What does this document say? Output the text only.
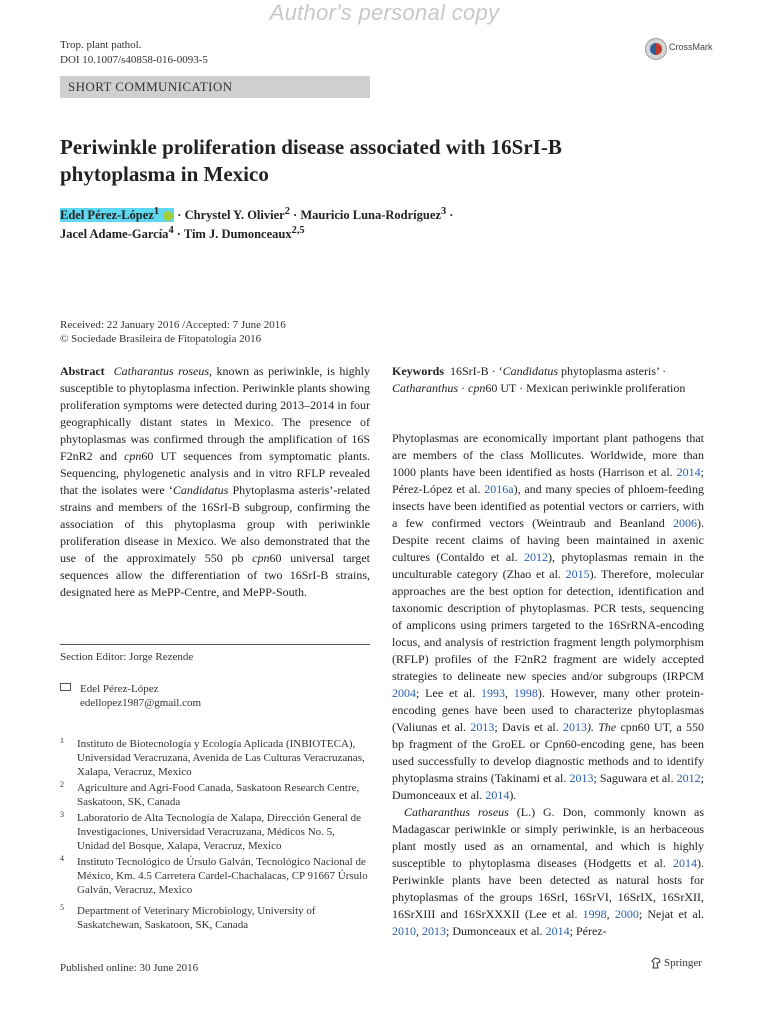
Author's personal copy
Trop. plant pathol.
DOI 10.1007/s40858-016-0093-5
CrossMark
SHORT COMMUNICATION
Periwinkle proliferation disease associated with 16SrI-B phytoplasma in Mexico
Edel Pérez-López$^1$  · Chrystel Y. Olivier$^2$ · Mauricio Luna-Rodríguez$^3$ ·
Jacel Adame-García$^4$ · Tim J. Dumonceaux$^{2,5}$
Received: 22 January 2016 /Accepted: 7 June 2016
© Sociedade Brasileira de Fitopatologia 2016
Abstract Catharantus roseus, known as periwinkle, is highly susceptible to phytoplasma infection. Periwinkle plants showing proliferation symptoms were detected during 2013–2014 in four geographically distant states in Mexico. The presence of phytoplasmas was confirmed through the amplification of 16S F2nR2 and cpn60 UT sequences from symptomatic plants. Sequencing, phylogenetic analysis and in vitro RFLP revealed that the isolates were ‘Candidatus Phytoplasma asteris’-related strains and members of the 16SrI-B subgroup, confirming the association of this phytoplasma group with periwinkle proliferation disease in Mexico. We also demonstrated that the use of the approximately 550 pb cpn60 universal target sequences allow the differentiation of two 16SrI-B strains, designated here as MePP-Centre, and MePP-South.
Keywords 16SrI-B · ‘Candidatus phytoplasma asteris’ · Catharanthus · cpn60 UT · Mexican periwinkle proliferation

Phytoplasmas are economically important plant pathogens that are members of the class Mollicutes. Worldwide, more than 1000 plants have been identified as hosts (Harrison et al. 2014; Pérez-López et al. 2016a), and many species of phloem-feeding insects have been identified as potential vectors or carriers, with a few confirmed vectors (Weintraub and Beanland 2006). Despite recent claims of having been maintained in axenic cultures (Contaldo et al. 2012), phytoplasmas remain in the unculturable category (Zhao et al. 2015). Therefore, molecular approaches are the best option for detection, identification and taxonomic description of phytoplasmas. PCR tests, sequencing of amplicons using primers targeted to the 16SrRNA-encoding locus, and analysis of restriction fragment length polymorphism (RFLP) profiles of the F2nR2 fragment are widely accepted strategies to delineate new species and/or subgroups (IRPCM 2004; Lee et al. 1993, 1998). However, many other protein-encoding genes have been used to characterize phytoplasmas (Valiunas et al. 2013; Davis et al. 2013). The cpn60 UT, a 550 bp fragment of the GroEL or Cpn60-encoding gene, has been used successfully to develop diagnostic methods and to identify phytoplasma strains (Takinami et al. 2013; Saguwara et al. 2012; Dumonceaux et al. 2014).

Catharanthus roseus (L.) G. Don, commonly known as Madagascar periwinkle or simply periwinkle, is an herbaceous plant mostly used as an ornamental, and which is highly susceptible to phytoplasma diseases (Hodgetts et al. 2014). Periwinkle plants have been detected as natural hosts for phytoplasmas of the groups 16SrI, 16SrVI, 16SrIX, 16SrXII, 16SrXIII and 16SrXXXII (Lee et al. 1998, 2000; Nejat et al. 2010, 2013; Dumonceaux et al. 2014; Pérez-

Section Editor: Jorge Rezende
Edel Pérez-López
edellopez1987@gmail.com
1 Instituto de Biotecnología y Ecología Aplicada (INBIOTECA), Universidad Veracruzana, Avenida de Las Culturas Veracruzanas, Xalapa, Veracruz, Mexico
2 Agriculture and Agri-Food Canada, Saskatoon Research Centre, Saskatoon, SK, Canada
3 Laboratorio de Alta Tecnología de Xalapa, Dirección General de Investigaciones, Universidad Veracruzana, Médicos No. 5, Unidad del Bosque, Xalapa, Veracruz, Mexico
4 Instituto Tecnológico de Úrsulo Galván, Tecnológico Nacional de México, Km. 4.5 Carretera Cardel-Chachalacas, CP 91667 Úrsulo Galván, Veracruz, Mexico
5 Department of Veterinary Microbiology, University of Saskatchewan, Saskatoon, SK, Canada
Published online: 30 June 2016	Springer
